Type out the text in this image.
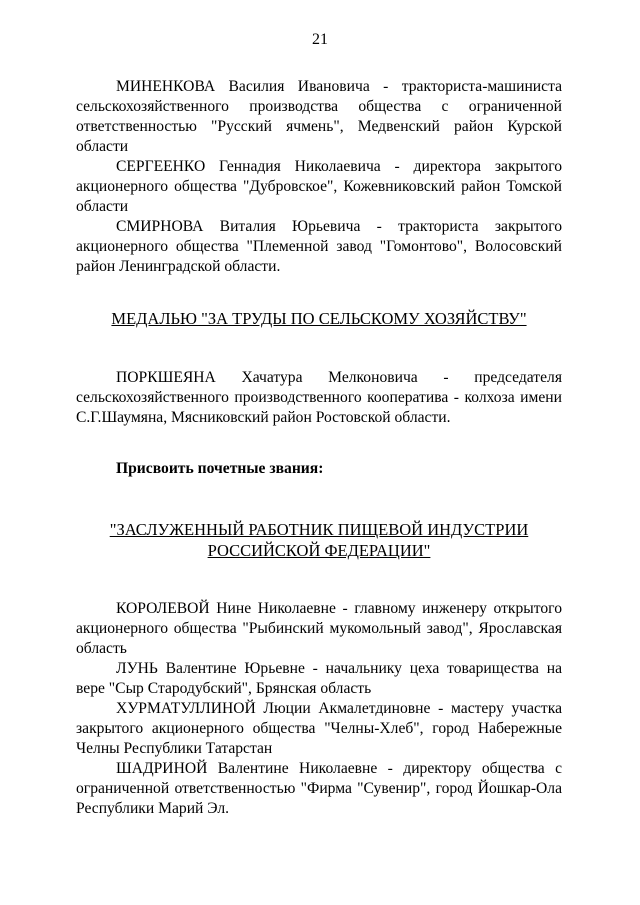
21
МИНЕНКОВА Василия Ивановича - тракториста-машиниста сельскохозяйственного производства общества с ограниченной ответственностью "Русский ячмень", Медвенский район Курской области
СЕРГЕЕНКО Геннадия Николаевича - директора закрытого акционерного общества "Дубровское", Кожевниковский район Томской области
СМИРНОВА Виталия Юрьевича - тракториста закрытого акционерного общества "Племенной завод "Гомонтово", Волосовский район Ленинградской области.
МЕДАЛЬЮ "ЗА ТРУДЫ ПО СЕЛЬСКОМУ ХОЗЯЙСТВУ"
ПОРКШЕЯНА Хачатура Мелконовича - председателя сельскохозяйственного производственного кооператива - колхоза имени С.Г.Шаумяна, Мясниковский район Ростовской области.
Присвоить почетные звания:
"ЗАСЛУЖЕННЫЙ РАБОТНИК ПИЩЕВОЙ ИНДУСТРИИ
РОССИЙСКОЙ ФЕДЕРАЦИИ"
КОРОЛЕВОЙ Нине Николаевне - главному инженеру открытого акционерного общества "Рыбинский мукомольный завод", Ярославская область
ЛУНЬ Валентине Юрьевне - начальнику цеха товарищества на вере "Сыр Стародубский", Брянская область
ХУРМАТУЛЛИНОЙ Люции Акмалетдиновне - мастеру участка закрытого акционерного общества "Челны-Хлеб", город Набережные Челны Республики Татарстан
ШАДРИНОЙ Валентине Николаевне - директору общества с ограниченной ответственностью "Фирма "Сувенир", город Йошкар-Ола Республики Марий Эл.
